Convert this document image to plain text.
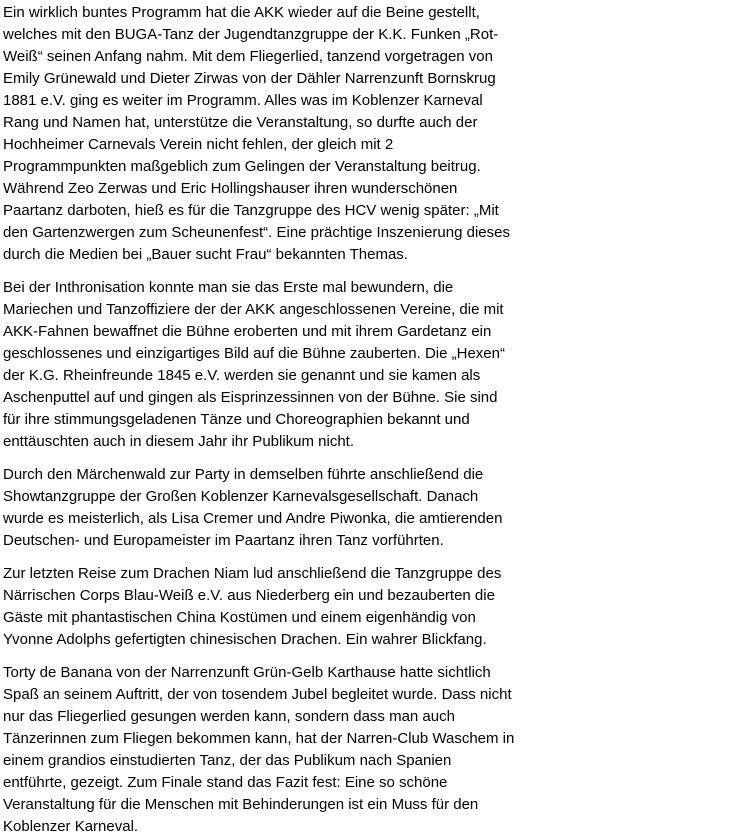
Ein wirklich buntes Programm hat die AKK wieder auf die Beine gestellt, welches mit den BUGA-Tanz der Jugendtanzgruppe der K.K. Funken „Rot-Weiß“ seinen Anfang nahm. Mit dem Fliegerlied, tanzend vorgetragen von Emily Grünewald und Dieter Zirwas von der Dähler Narrenzunft Bornskrug 1881 e.V. ging es weiter im Programm. Alles was im Koblenzer Karneval Rang und Namen hat, unterstütze die Veranstaltung, so durfte auch der Hochheimer Carnevals Verein nicht fehlen, der gleich mit 2 Programmpunkten maßgeblich zum Gelingen der Veranstaltung beitrug. Während Zeo Zerwas und Eric Hollingshauser ihren wunderschönen Paartanz darboten, hieß es für die Tanzgruppe des HCV wenig später: „Mit den Gartenzwergen zum Scheunenfest“. Eine prächtige Inszenierung dieses durch die Medien bei „Bauer sucht Frau“ bekannten Themas.

Bei der Inthronisation konnte man sie das Erste mal bewundern, die Mariechen und Tanzoffiziere der der AKK angeschlossenen Vereine, die mit AKK-Fahnen bewaffnet die Bühne eroberten und mit ihrem Gardetanz ein geschlossenes und einzigartiges Bild auf die Bühne zauberten. Die „Hexen“ der K.G. Rheinfreunde 1845 e.V. werden sie genannt und sie kamen als Aschenputtel auf und gingen als Eisprinzessinnen von der Bühne. Sie sind für ihre stimmungsgeladenen Tänze und Choreographien bekannt und enttäuschten auch in diesem Jahr ihr Publikum nicht.

Durch den Märchenwald zur Party in demselben führte anschließend die Showtanzgruppe der Großen Koblenzer Karnevalsgesellschaft. Danach wurde es meisterlich, als Lisa Cremer und Andre Piwonka, die amtierenden Deutschen- und Europameister im Paartanz ihren Tanz vorführten.

Zur letzten Reise zum Drachen Niam lud anschließend die Tanzgruppe des Närrischen Corps Blau-Weiß e.V. aus Niederberg ein und bezauberten die Gäste mit phantastischen China Kostümen und einem eigenhändig von Yvonne Adolphs gefertigten chinesischen Drachen. Ein wahrer Blickfang.

Torty de Banana von der Narrenzunft Grün-Gelb Karthause hatte sichtlich Spaß an seinem Auftritt, der von tosendem Jubel begleitet wurde. Dass nicht nur das Fliegerlied gesungen werden kann, sondern dass man auch Tänzerinnen zum Fliegen bekommen kann, hat der Narren-Club Waschem in einem grandios einstudierten Tanz, der das Publikum nach Spanien entführte, gezeigt. Zum Finale stand das Fazit fest: Eine so schöne Veranstaltung für die Menschen mit Behinderungen ist ein Muss für den Koblenzer Karneval.
